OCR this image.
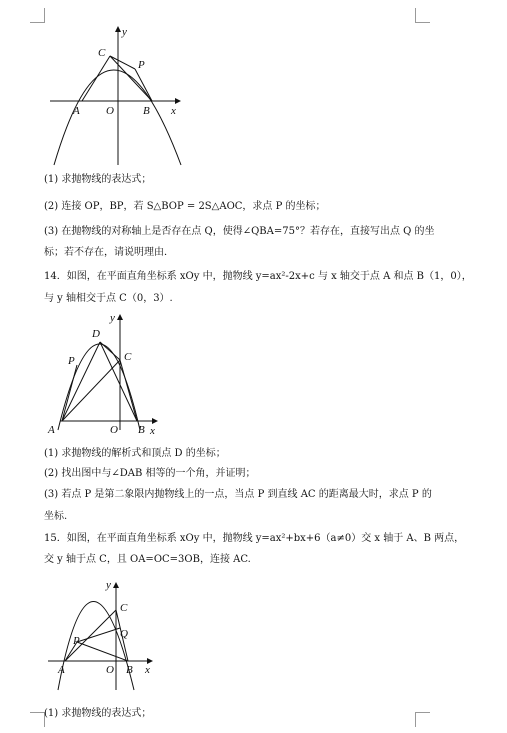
y
x
C
P
A O	B
(1) 求抛物线的表达式；
(2) 连接 OP，BP，若 S△BOP = 2S△AOC，求点 P 的坐标；
(3) 在抛物线的对称轴上是否存在点 Q，使得∠QBA=75°？若存在，直接写出点 Q 的坐
标；若不存在，请说明理由．
14．如图，在平面直角坐标系 xOy 中，抛物线 y=ax²-2x+c 与 x 轴交于点 A 和点 B（1，0），
与 y 轴相交于点 C（0，3）.
y
x
D
P	C
A	O B
(1) 求抛物线的解析式和顶点 D 的坐标；
(2) 找出图中与∠DAB 相等的一个角，并证明；
(3) 若点 P 是第二象限内抛物线上的一点，当点 P 到直线 AC 的距离最大时，求点 P 的
坐标.
15．如图，在平面直角坐标系 xOy 中，抛物线 y=ax²+bx+6（a≠0）交 x 轴于 A、B 两点，
交 y 轴于点 C，且 OA=OC=3OB，连接 AC.
y
x
C
Q
P
A	O B
(1) 求抛物线的表达式；
